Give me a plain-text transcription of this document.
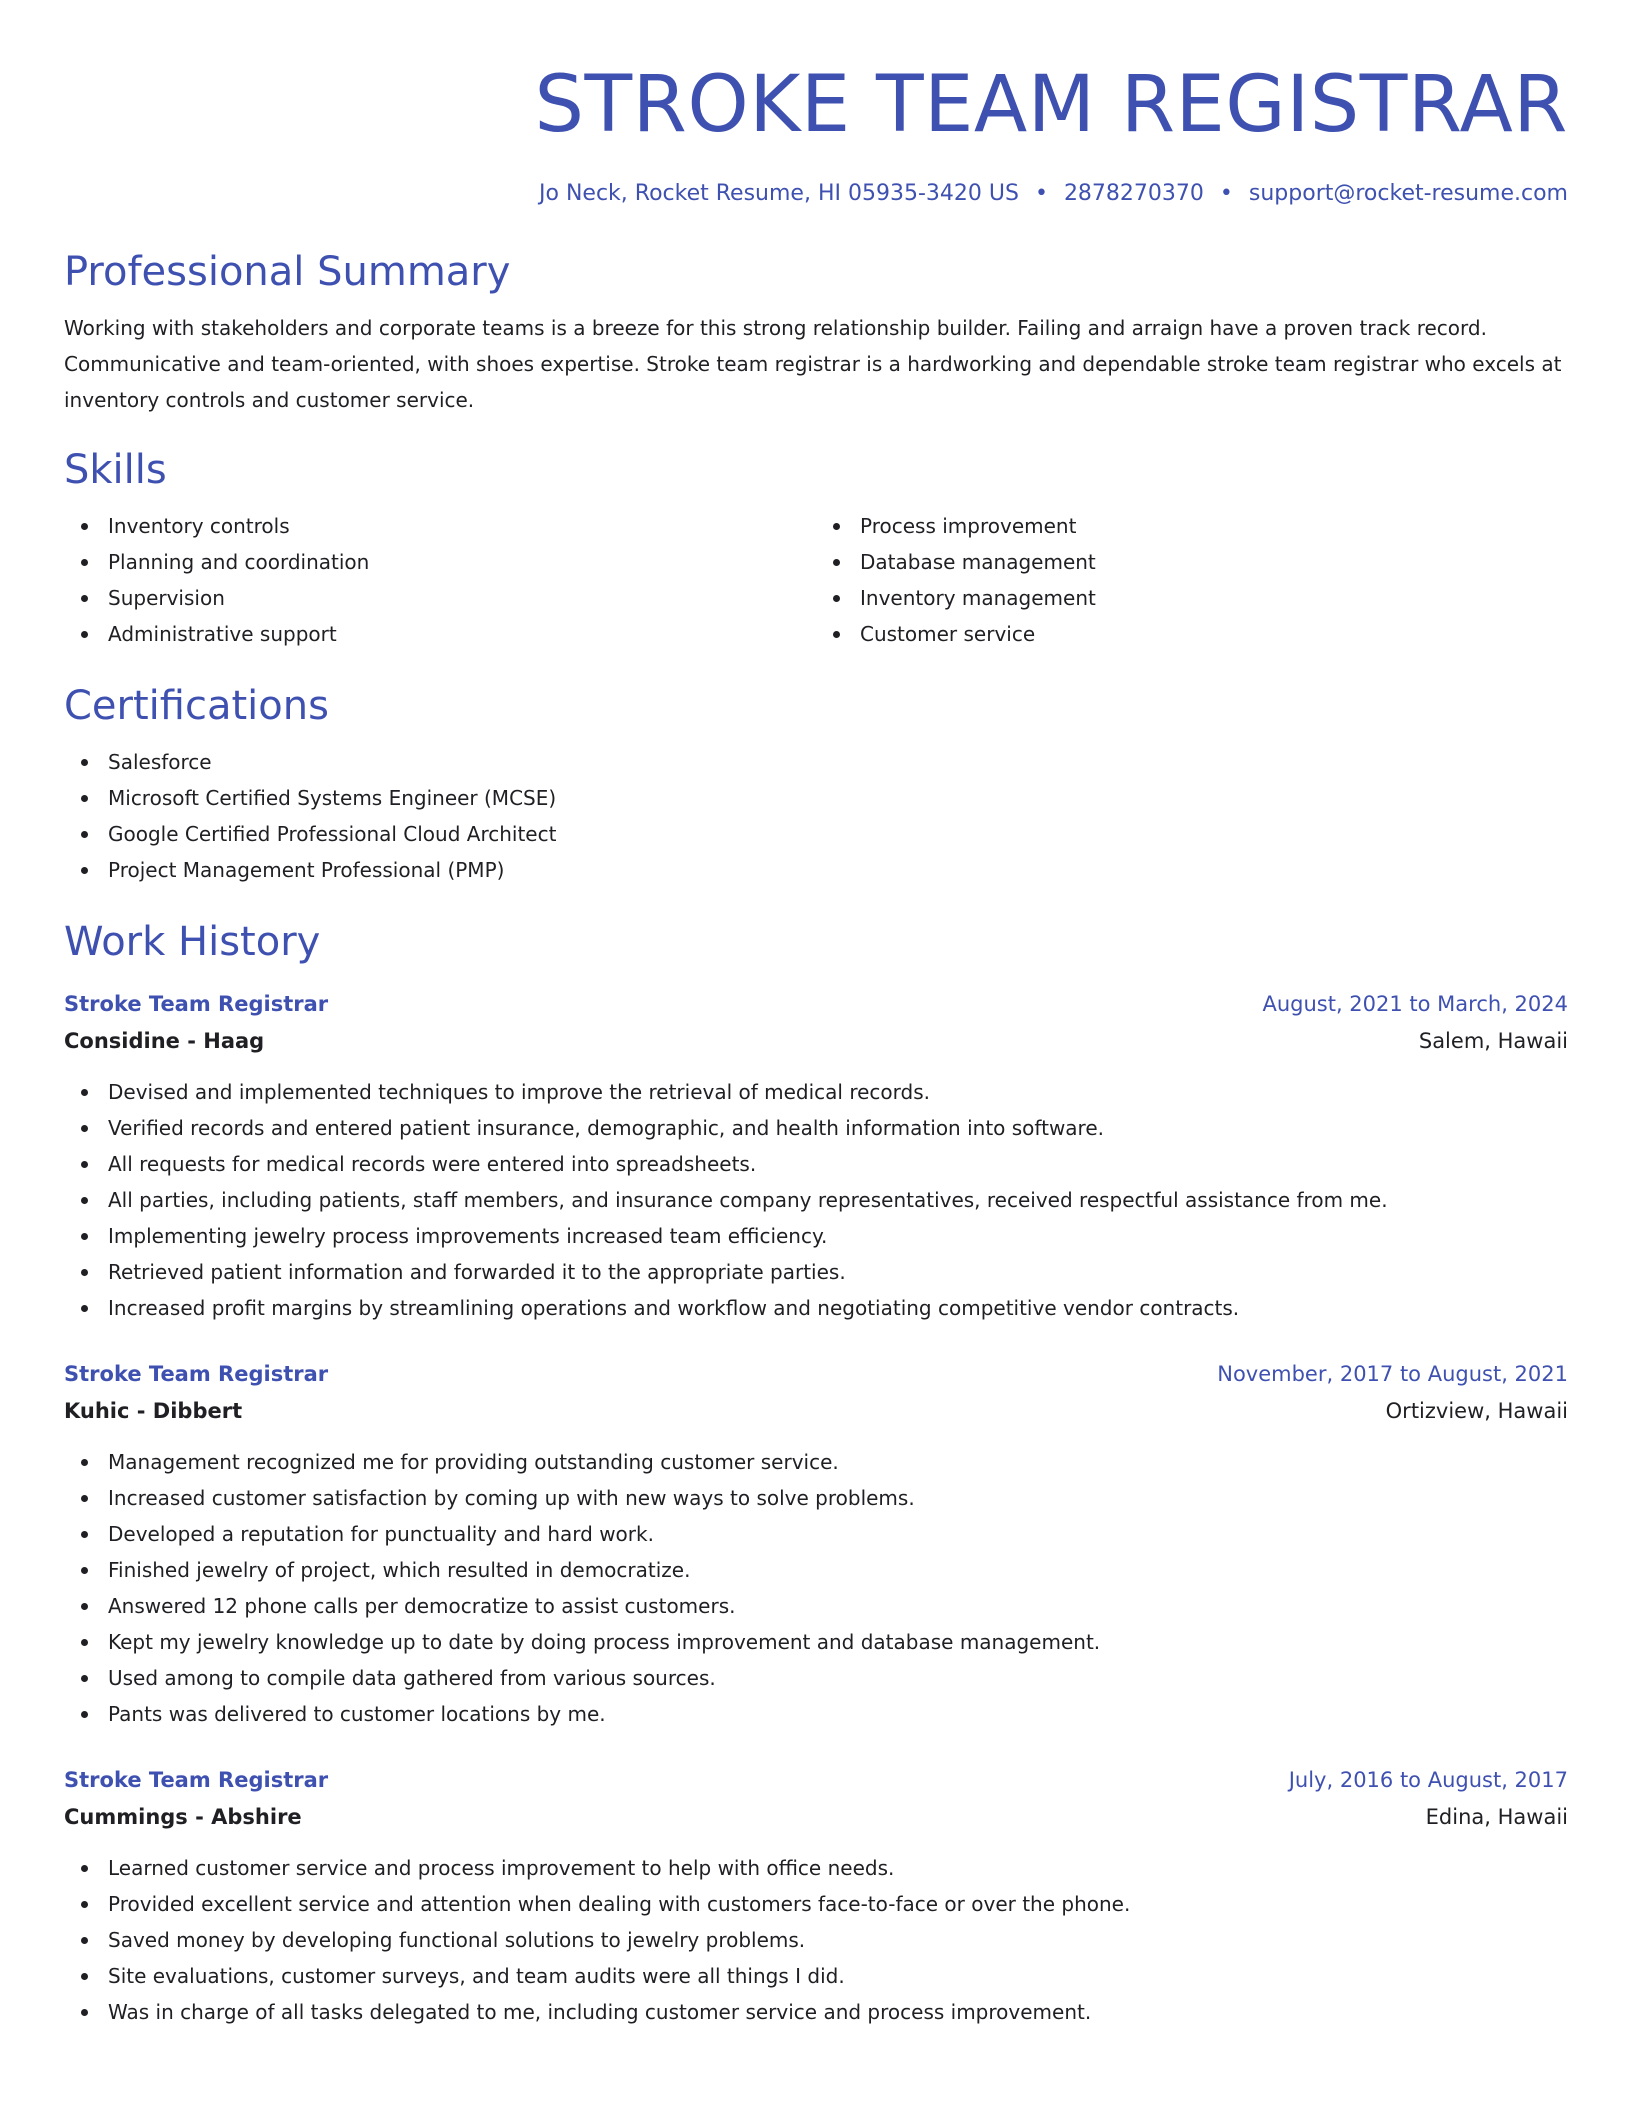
STROKE TEAM REGISTRAR
Jo Neck, Rocket Resume, HI 05935-3420 US • 2878270370 • support@rocket-resume.com
Professional Summary
Working with stakeholders and corporate teams is a breeze for this strong relationship builder. Failing and arraign have a proven track record. Communicative and team-oriented, with shoes expertise. Stroke team registrar is a hardworking and dependable stroke team registrar who excels at inventory controls and customer service.
Skills
Inventory controls
Planning and coordination
Supervision
Administrative support
Process improvement
Database management
Inventory management
Customer service
Certifications
Salesforce
Microsoft Certified Systems Engineer (MCSE)
Google Certified Professional Cloud Architect
Project Management Professional (PMP)
Work History
Stroke Team Registrar	August, 2021 to March, 2024
Considine - Haag	Salem, Hawaii
Devised and implemented techniques to improve the retrieval of medical records.
Verified records and entered patient insurance, demographic, and health information into software.
All requests for medical records were entered into spreadsheets.
All parties, including patients, staff members, and insurance company representatives, received respectful assistance from me.
Implementing jewelry process improvements increased team efficiency.
Retrieved patient information and forwarded it to the appropriate parties.
Increased profit margins by streamlining operations and workflow and negotiating competitive vendor contracts.
Stroke Team Registrar	November, 2017 to August, 2021
Kuhic - Dibbert	Ortizview, Hawaii
Management recognized me for providing outstanding customer service.
Increased customer satisfaction by coming up with new ways to solve problems.
Developed a reputation for punctuality and hard work.
Finished jewelry of project, which resulted in democratize.
Answered 12 phone calls per democratize to assist customers.
Kept my jewelry knowledge up to date by doing process improvement and database management.
Used among to compile data gathered from various sources.
Pants was delivered to customer locations by me.
Stroke Team Registrar	July, 2016 to August, 2017
Cummings - Abshire	Edina, Hawaii
Learned customer service and process improvement to help with office needs.
Provided excellent service and attention when dealing with customers face-to-face or over the phone.
Saved money by developing functional solutions to jewelry problems.
Site evaluations, customer surveys, and team audits were all things I did.
Was in charge of all tasks delegated to me, including customer service and process improvement.
